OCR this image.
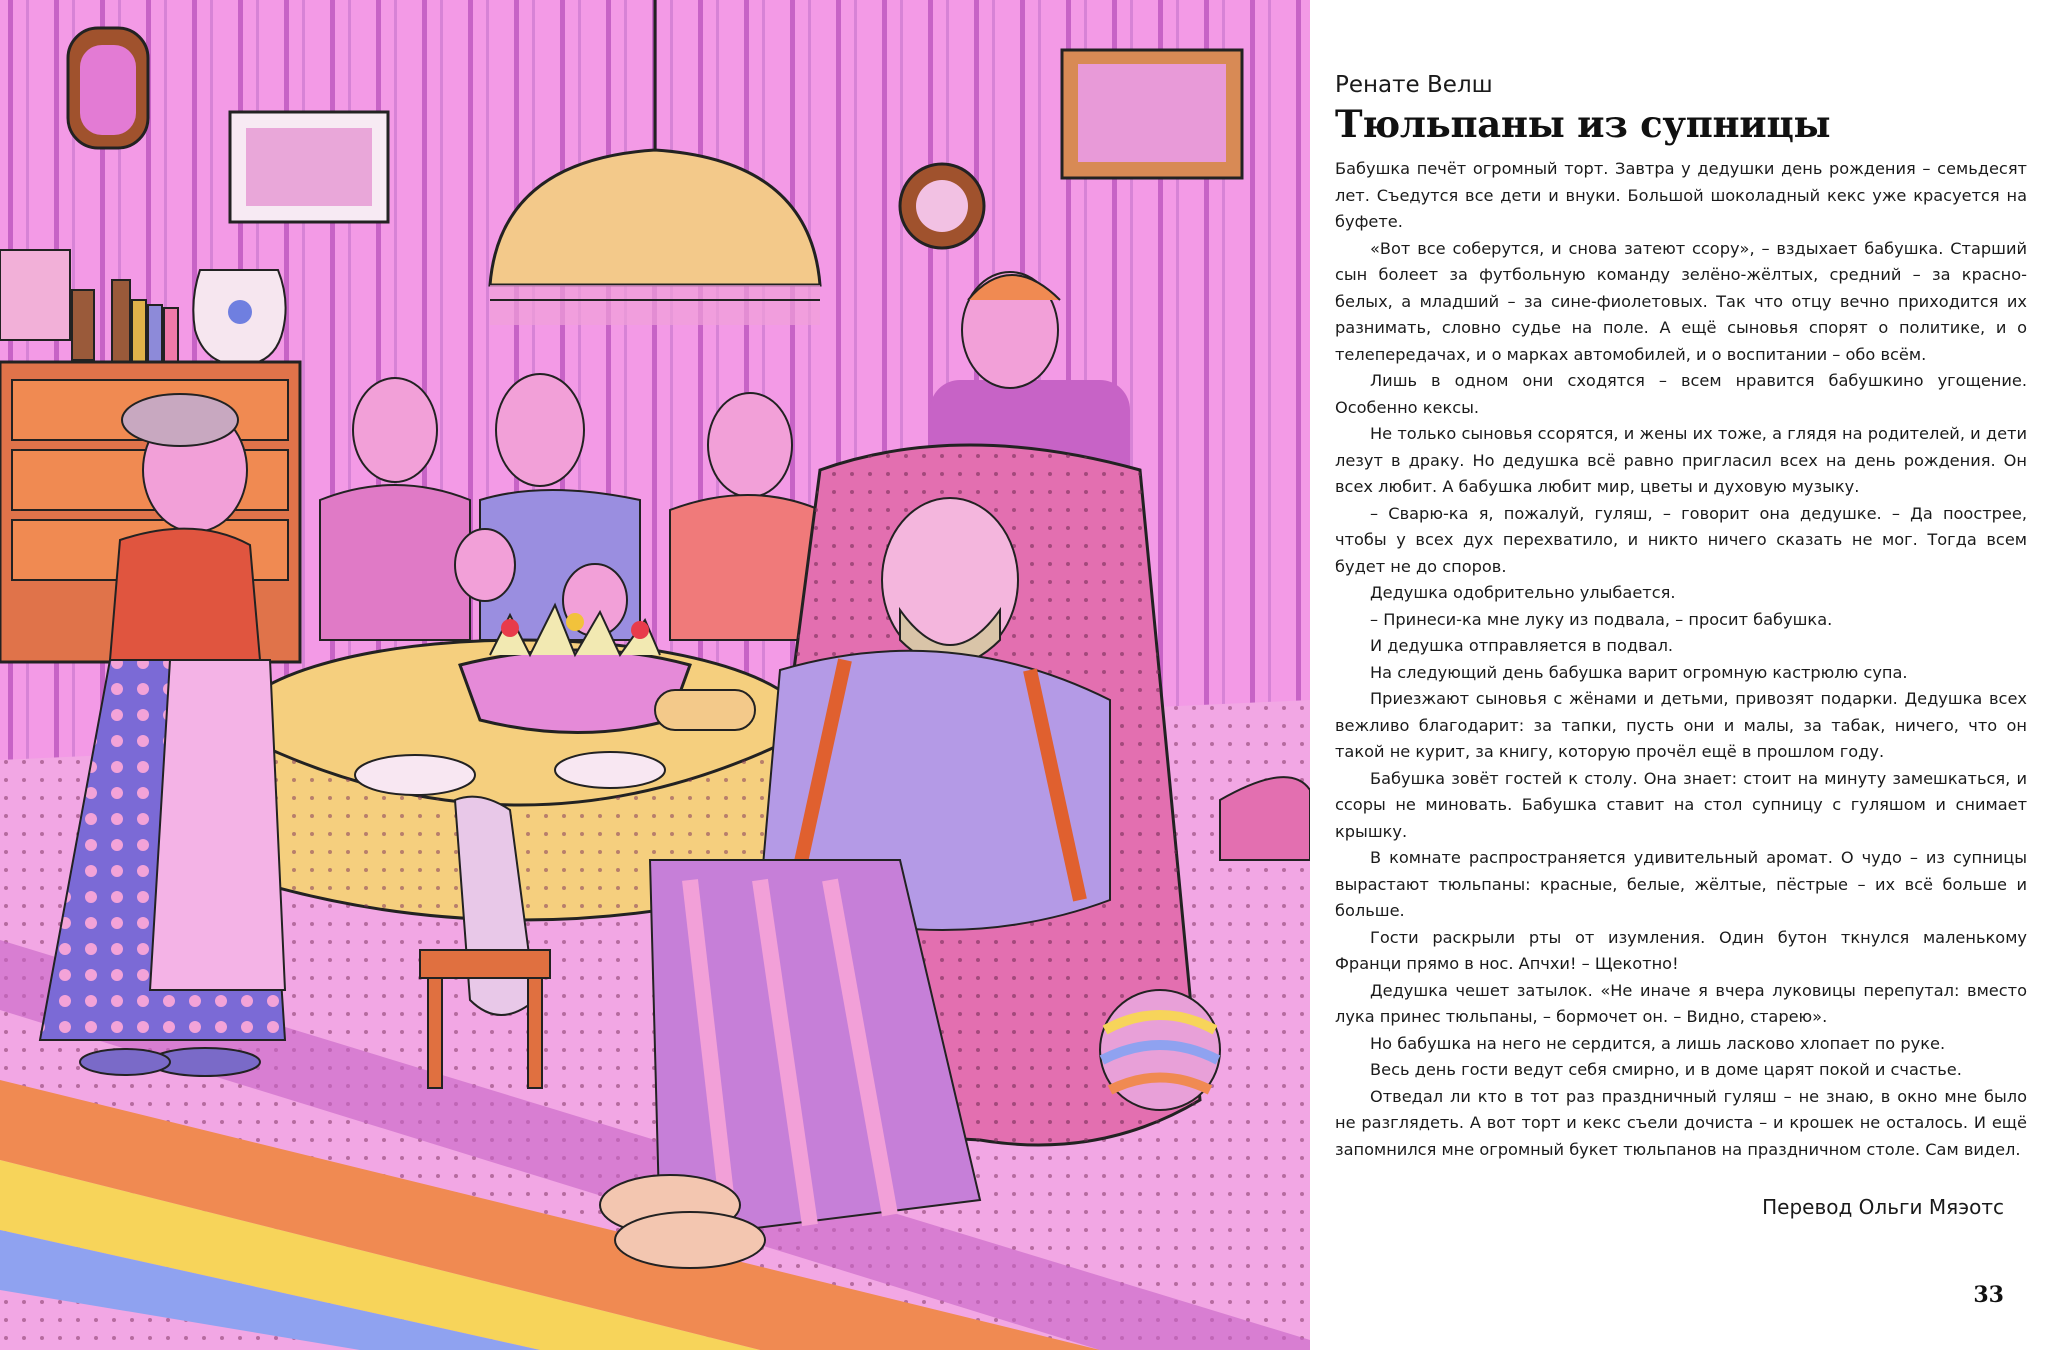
Ренате Велш

Тюльпаны из супницы

Бабушка печёт огромный торт. Завтра у дедушки день рождения – семьдесят лет. Съедутся все дети и внуки. Большой шоколадный кекс уже красуется на буфете.

«Вот все соберутся, и снова затеют ссору», – вздыхает бабушка. Старший сын болеет за футбольную команду зелёно-жёлтых, средний – за красно-белых, а младший – за сине-фиолетовых. Так что отцу вечно приходится их разнимать, словно судье на поле. А ещё сыновья спорят о политике, и о телепередачах, и о марках автомобилей, и о воспитании – обо всём.

Лишь в одном они сходятся – всем нравится бабушкино угощение. Особенно кексы.

Не только сыновья ссорятся, и жены их тоже, а глядя на родителей, и дети лезут в драку. Но дедушка всё равно пригласил всех на день рождения. Он всех любит. А бабушка любит мир, цветы и духовую музыку.

– Сварю-ка я, пожалуй, гуляш, – говорит она дедушке. – Да поострее, чтобы у всех дух перехватило, и никто ничего сказать не мог. Тогда всем будет не до споров.

Дедушка одобрительно улыбается.

– Принеси-ка мне луку из подвала, – просит бабушка.

И дедушка отправляется в подвал.

На следующий день бабушка варит огромную кастрюлю супа.

Приезжают сыновья с жёнами и детьми, привозят подарки. Дедушка всех вежливо благодарит: за тапки, пусть они и малы, за табак, ничего, что он такой не курит, за книгу, которую прочёл ещё в прошлом году.

Бабушка зовёт гостей к столу. Она знает: стоит на минуту замешкаться, и ссоры не миновать. Бабушка ставит на стол супницу с гуляшом и снимает крышку.

В комнате распространяется удивительный аромат. О чудо – из супницы вырастают тюльпаны: красные, белые, жёлтые, пёстрые – их всё больше и больше.

Гости раскрыли рты от изумления. Один бутон ткнулся маленькому Франци прямо в нос. Апчхи! – Щекотно!

Дедушка чешет затылок. «Не иначе я вчера луковицы перепутал: вместо лука принес тюльпаны, – бормочет он. – Видно, старею».

Но бабушка на него не сердится, а лишь ласково хлопает по руке.

Весь день гости ведут себя смирно, и в доме царят покой и счастье.

Отведал ли кто в тот раз праздничный гуляш – не знаю, в окно мне было не разглядеть. А вот торт и кекс съели дочиста – и крошек не осталось. И ещё запомнился мне огромный букет тюльпанов на праздничном столе. Сам видел.

Перевод Ольги Мяэотс

33
